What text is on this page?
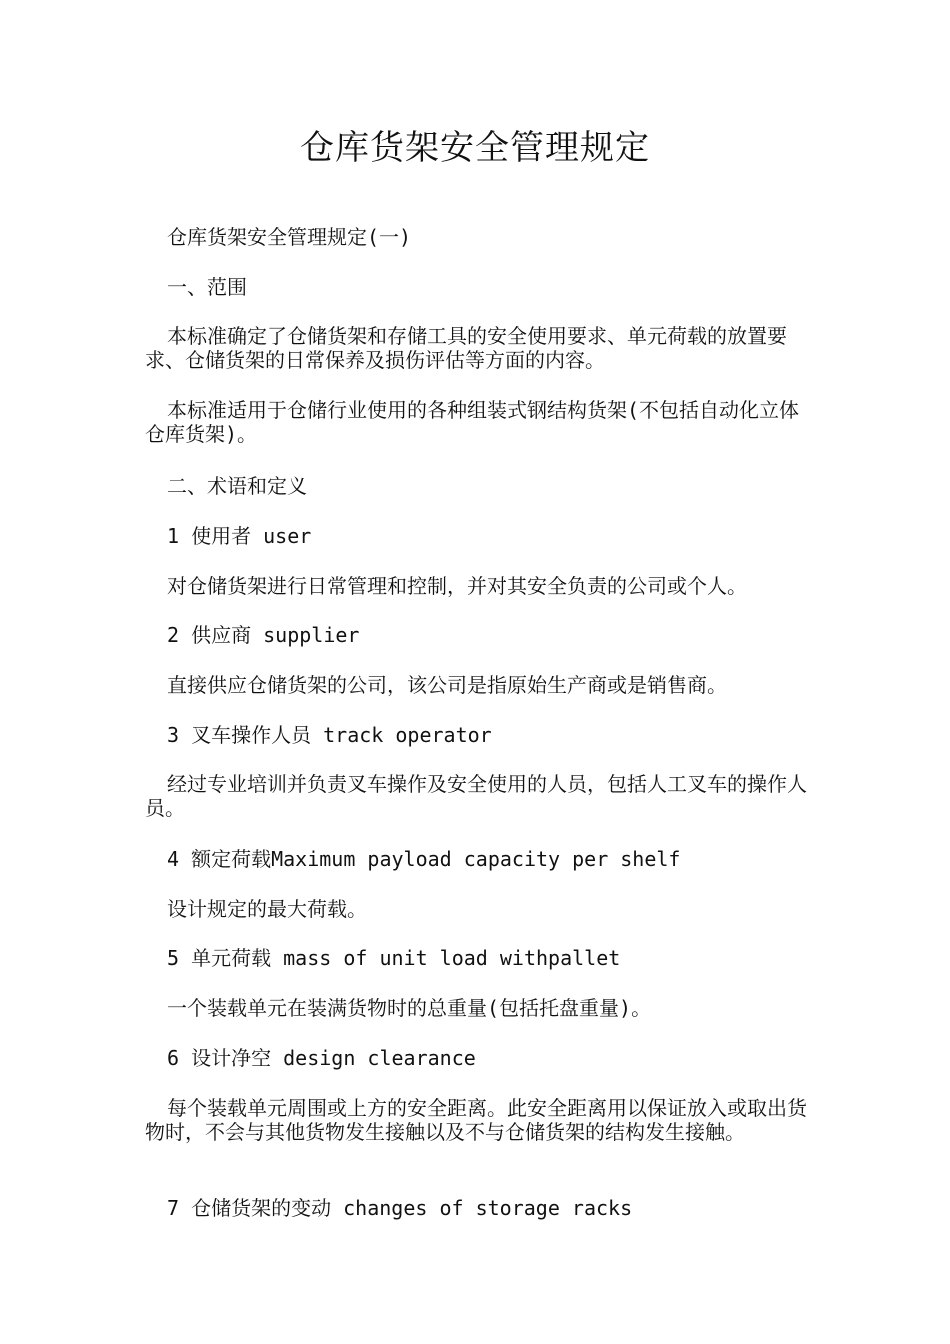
仓库货架安全管理规定
仓库货架安全管理规定(一)
一、范围
本标准确定了仓储货架和存储工具的安全使用要求、单元荷载的放置要求、仓储货架的日常保养及损伤评估等方面的内容。
本标准适用于仓储行业使用的各种组装式钢结构货架(不包括自动化立体仓库货架)。
二、术语和定义
1 使用者 user
对仓储货架进行日常管理和控制，并对其安全负责的公司或个人。
2 供应商 supplier
直接供应仓储货架的公司，该公司是指原始生产商或是销售商。
3 叉车操作人员 track operator
经过专业培训并负责叉车操作及安全使用的人员，包括人工叉车的操作人员。
4 额定荷载Maximum payload capacity per shelf
设计规定的最大荷载。
5 单元荷载 mass of unit load withpallet
一个装载单元在装满货物时的总重量(包括托盘重量)。
6 设计净空 design clearance
每个装载单元周围或上方的安全距离。此安全距离用以保证放入或取出货物时，不会与其他货物发生接触以及不与仓储货架的结构发生接触。
7 仓储货架的变动 changes of storage racks
